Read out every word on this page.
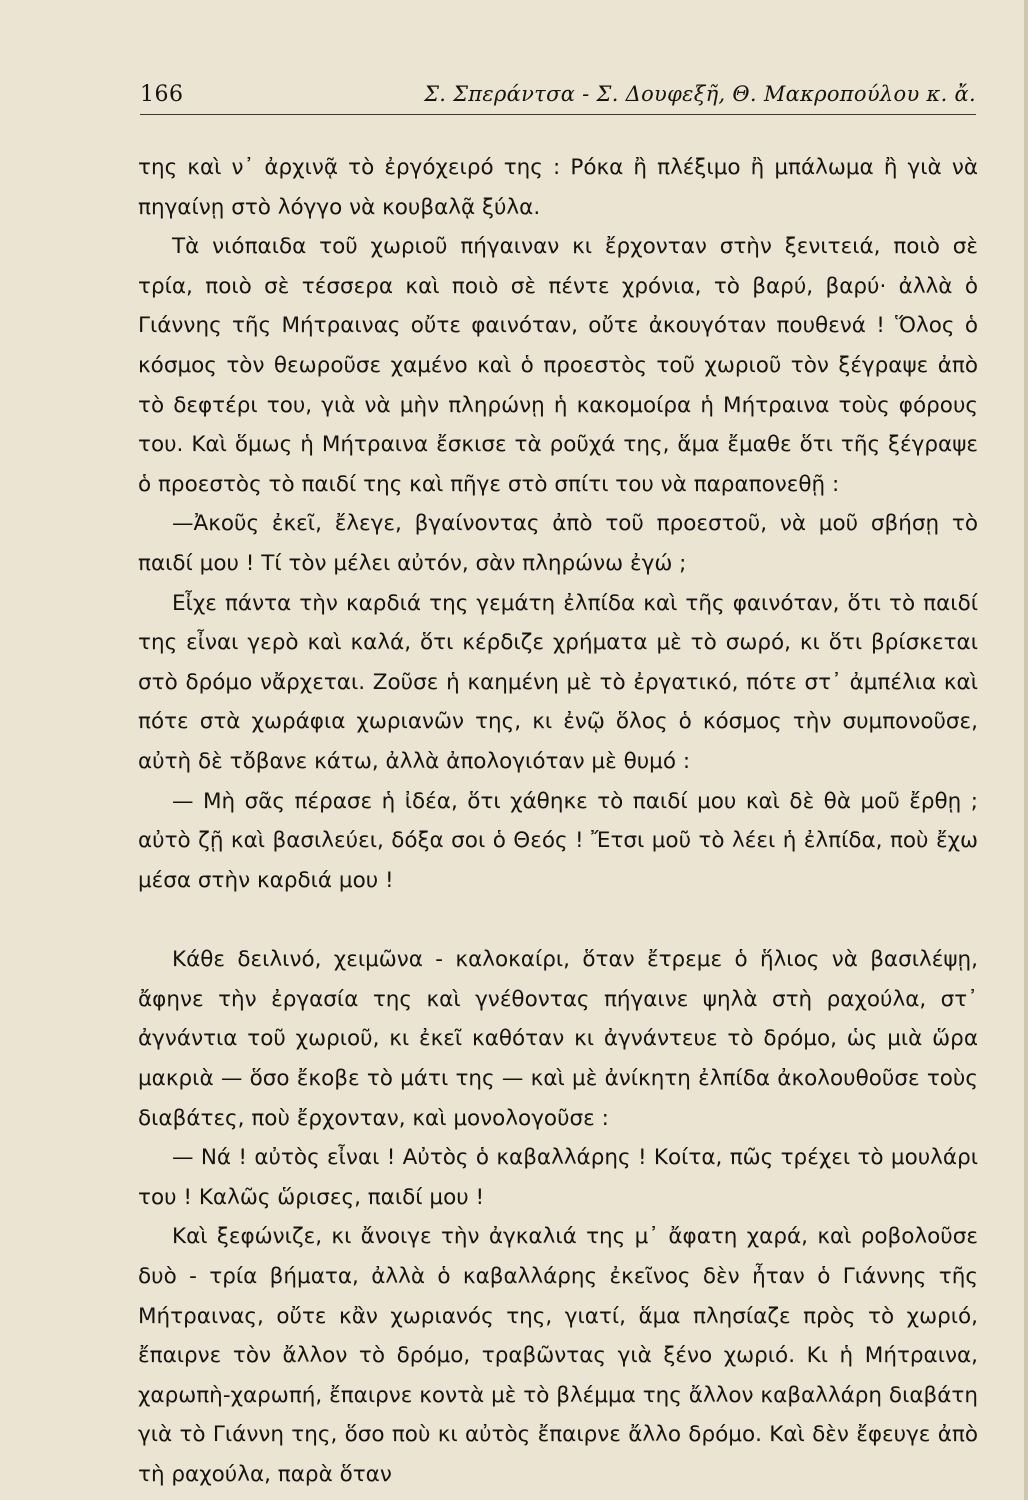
166	Σ. Σπεράντσα - Σ. Δουφεξῆ, Θ. Μακροπούλου κ. ἄ.

της καὶ ν᾽ ἀρχινᾷ τὸ ἐργόχειρό της : Ρόκα ἢ πλέξιμο ἢ μπάλωμα ἢ γιὰ νὰ πηγαίνῃ στὸ λόγγο νὰ κουβαλᾷ ξύλα.

Τὰ νιόπαιδα τοῦ χωριοῦ πήγαιναν κι ἔρχονταν στὴν ξενιτειά, ποιὸ σὲ τρία, ποιὸ σὲ τέσσερα καὶ ποιὸ σὲ πέντε χρόνια, τὸ βαρύ, βαρύ· ἀλλὰ ὁ Γιάννης τῆς Μήτραινας οὔτε φαινόταν, οὔτε ἀκουγόταν πουθενά ! Ὅλος ὁ κόσμος τὸν θεωροῦσε χαμένο καὶ ὁ προεστὸς τοῦ χωριοῦ τὸν ξέγραψε ἀπὸ τὸ δεφτέρι του, γιὰ νὰ μὴν πληρώνῃ ἡ κακομοίρα ἡ Μήτραινα τοὺς φόρους του. Καὶ ὅμως ἡ Μήτραινα ἔσκισε τὰ ροῦχά της, ἅμα ἔμαθε ὅτι τῆς ξέγραψε ὁ προεστὸς τὸ παιδί της καὶ πῆγε στὸ σπίτι του νὰ παραπονεθῇ :

—Ἀκοῦς ἐκεῖ, ἔλεγε, βγαίνοντας ἀπὸ τοῦ προεστοῦ, νὰ μοῦ σβήσῃ τὸ παιδί μου ! Τί τὸν μέλει αὐτόν, σὰν πληρώνω ἐγώ ;

Εἶχε πάντα τὴν καρδιά της γεμάτη ἐλπίδα καὶ τῆς φαινόταν, ὅτι τὸ παιδί της εἶναι γερὸ καὶ καλά, ὅτι κέρδιζε χρήματα μὲ τὸ σωρό, κι ὅτι βρίσκεται στὸ δρόμο νἄρχεται. Ζοῦσε ἡ καημένη μὲ τὸ ἐργατικό, πότε στ᾽ ἀμπέλια καὶ πότε στὰ χωράφια χωριανῶν της, κι ἐνῷ ὅλος ὁ κόσμος τὴν συμπονοῦσε, αὐτὴ δὲ τὄβανε κάτω, ἀλλὰ ἀπολογιόταν μὲ θυμό :

— Μὴ σᾶς πέρασε ἡ ἰδέα, ὅτι χάθηκε τὸ παιδί μου καὶ δὲ θὰ μοῦ ἔρθῃ ; αὐτὸ ζῇ καὶ βασιλεύει, δόξα σοι ὁ Θεός ! Ἔτσι μοῦ τὸ λέει ἡ ἐλπίδα, ποὺ ἔχω μέσα στὴν καρδιά μου !

Κάθε δειλινό, χειμῶνα - καλοκαίρι, ὅταν ἔτρεμε ὁ ἥλιος νὰ βασιλέψῃ, ἄφηνε τὴν ἐργασία της καὶ γνέθοντας πήγαινε ψηλὰ στὴ ραχούλα, στ᾽ ἀγνάντια τοῦ χωριοῦ, κι ἐκεῖ καθόταν κι ἀγνάντευε τὸ δρόμο, ὡς μιὰ ὥρα μακριὰ — ὅσο ἔκοβε τὸ μάτι της — καὶ μὲ ἀνίκητη ἐλπίδα ἀκολουθοῦσε τοὺς διαβάτες, ποὺ ἔρχονταν, καὶ μονολογοῦσε :

— Νά ! αὐτὸς εἶναι ! Αὐτὸς ὁ καβαλλάρης ! Κοίτα, πῶς τρέχει τὸ μουλάρι του ! Καλῶς ὥρισες, παιδί μου !

Καὶ ξεφώνιζε, κι ἄνοιγε τὴν ἀγκαλιά της μ᾽ ἄφατη χαρά, καὶ ροβολοῦσε δυὸ - τρία βήματα, ἀλλὰ ὁ καβαλλάρης ἐκεῖνος δὲν ἦταν ὁ Γιάννης τῆς Μήτραινας, οὔτε κἂν χωριανός της, γιατί, ἅμα πλησίαζε πρὸς τὸ χωριό, ἔπαιρνε τὸν ἄλλον τὸ δρόμο, τραβῶντας γιὰ ξένο χωριό. Κι ἡ Μήτραινα, χαρωπὴ-χαρωπή, ἔπαιρνε κοντὰ μὲ τὸ βλέμμα της ἄλλον καβαλλάρη διαβάτη γιὰ τὸ Γιάννη της, ὅσο ποὺ κι αὐτὸς ἔπαιρνε ἄλλο δρόμο. Καὶ δὲν ἔφευγε ἀπὸ τὴ ραχούλα, παρὰ ὅταν
